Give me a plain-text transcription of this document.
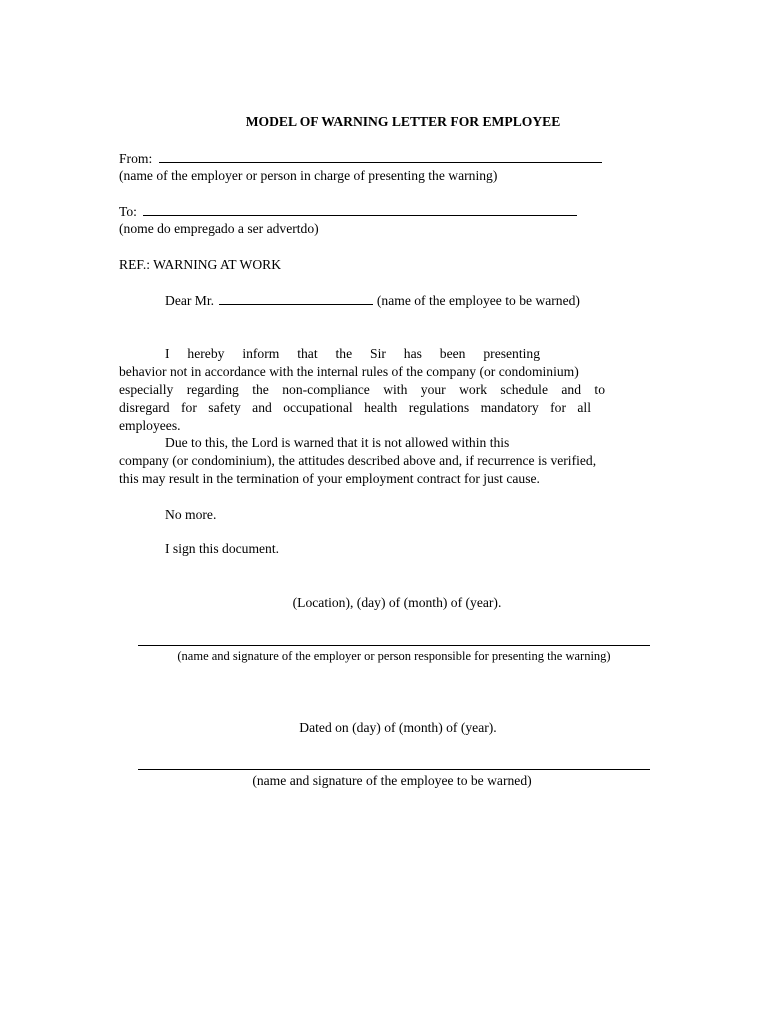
MODEL OF WARNING LETTER FOR EMPLOYEE
From:
(name of the employer or person in charge of presenting the warning)
To:
(nome do empregado a ser advertdo)
REF.: WARNING AT WORK
Dear Mr.	(name of the employee to be warned)
I hereby inform that the Sir has been presenting
behavior not in accordance with the internal rules of the company (or condominium)
especially regarding the non-compliance with your work schedule and to
disregard for safety and occupational health regulations mandatory for all
employees.
Due to this, the Lord is warned that it is not allowed within this
company (or condominium), the attitudes described above and, if recurrence is verified,
this may result in the termination of your employment contract for just cause.
No more.
I sign this document.
(Location), (day) of (month) of (year).
(name and signature of the employer or person responsible for presenting the warning)
Dated on (day) of (month) of (year).
(name and signature of the employee to be warned)
